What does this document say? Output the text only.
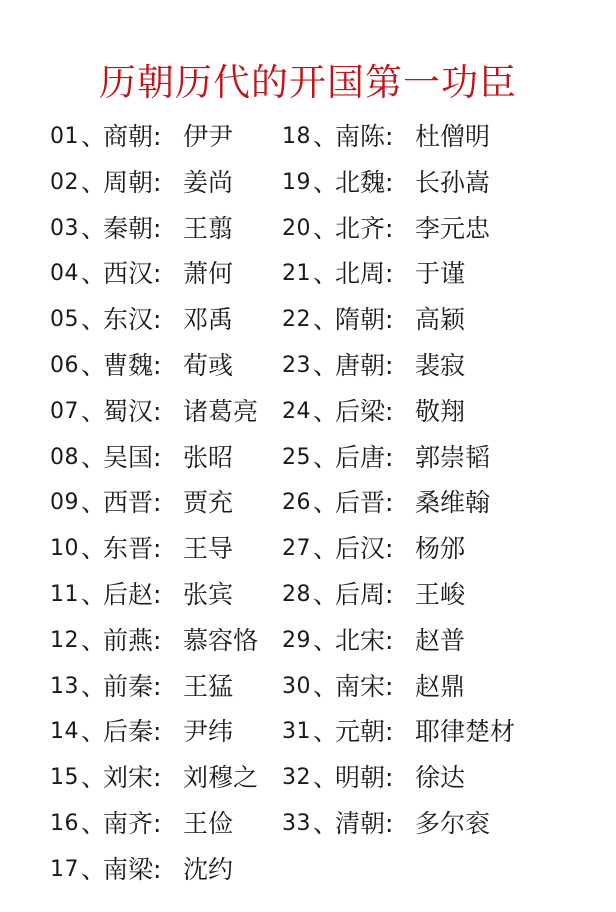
历朝历代的开国第一功臣
01 、
商朝 : 伊尹
02 、
周朝 : 姜尚
03 、
秦朝 : 王翦
04 、
西汉 : 萧何
05 、
东汉 : 邓禹
06 、
曹魏 : 荀彧
07 、
蜀汉 : 诸葛亮
08 、
吴国 : 张昭
09 、
西晋 : 贾充
10 、
东晋 : 王导
11 、
后赵 : 张宾
12 、
前燕 : 慕容恪
13 、
前秦 : 王猛
14 、
后秦 : 尹纬
15 、
刘宋 : 刘穆之
16 、
南齐 : 王俭
17 、
南梁 : 沈约
18 、
南陈 : 杜僧明
19 、
北魏 : 长孙嵩
20 、
北齐 : 李元忠
21 、
北周 : 于谨
22 、
隋朝 : 高颖
23 、
唐朝 : 裴寂
24 、
后梁 : 敬翔
25 、
后唐 : 郭崇韬
26 、
后晋 : 桑维翰
27 、
后汉 : 杨邠
28 、
后周 : 王峻
29 、
北宋 : 赵普
30 、
南宋 : 赵鼎
31 、
元朝 : 耶律楚材
32 、
明朝 : 徐达
33 、
清朝 : 多尔衮
